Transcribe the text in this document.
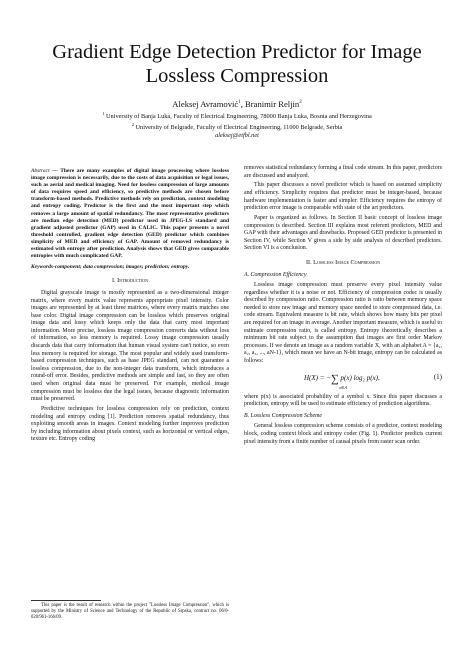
Gradient Edge Detection Predictor for Image
Lossless Compression
Aleksej Avramović$^1$, Branimir Reljin$^2$
$^1$ University of Banja Luka, Faculty of Electrical Engineering, 78000 Banja Luka, Bosnia and Herzegovina
$^2$ University of Belgrade, Faculty of Electrical Engineering, 11000 Belgrade, Serbia
aleksej@etfbl.net

Abstract — There are many examples of digital image processing where lossless image compression is necessarily, due to the costs of data acquisition or legal issues, such as aerial and medical imaging. Need for lossless compression of large amounts of data requires speed and efficiency, so predictive methods are chosen before transform-based methods. Predictive methods rely on prediction, context modeling and entropy coding. Predictor is the first and the most important step which removes a large amount of spatial redundancy. The most representative predictors are median edge detection (MED) predictor used in JPEG-LS standard and gradient adjusted predictor (GAP) used in CALIC. This paper presents a novel threshold controlled, gradient edge detection (GED) predictor which combines simplicity of MED and efficiency of GAP. Amount of removed redundancy is estimated with entropy after prediction. Analysis shows that GED gives comparable entropies with much complicated GAP.

Keywords-component; data compression; images; prediction; entropy.

I. Introduction

Digital grayscale image is mostly represented as a two-dimensional integer matrix, where every matrix value represents appropriate pixel intensity. Color images are represented by at least three matrices, where every matrix matches one base color. Digital image compression can be lossless which preserves original image data and lossy which keeps only the data that carry most important information. More precise, lossless image compression converts data without loss of information, so less memory is required. Lossy image compression usually discards data that carry information that human visual system can't notice, so even less memory is required for storage. The most popular and widely used transform-based compression techniques, such as base JPEG standard, can not guarantee a lossless compression, due to the non-integer data transform, which introduces a round-off error. Besides, predictive methods are simple and fast, so they are often used when original data must be preserved. For example, medical image compression must be lossless due the legal issues, because diagnostic information must be preserved.

Predictive techniques for lossless compression rely on prediction, context modeling and entropy coding [1]. Prediction removes spatial redundancy, thus exploiting smooth areas in images. Context modeling further improves prediction by including information about pixels context, such as horizontal or vertical edges, texture etc. Entropy coding

removes statistical redundancy forming a final code stream. In this paper, predictors are discussed and analyzed.

This paper discusses a novel predictor which is based on assumed simplicity and efficiency. Simplicity requires that predictor must be integer-based, because hardware implementation is faster and simpler. Efficiency requires the entropy of prediction error image is comparable with state of the art predictors.

Paper is organized as follows. In Section II basic concept of lossless image compression is described. Section III explains most referent predictors, MED and GAP with their advantages and drawbacks. Proposed GED predictor is presented in Section IV, while Section V gives a side by side analysis of described predictors. Section VI is a conclusion.

II. Lossless Image Compression
A. Compression Efficiency

Lossless image compression must preserve every pixel intensity value regardless whether it is a noise or not. Efficiency of compression codec is usually described by compression ratio. Compression ratio is ratio between memory space needed to store raw image and memory space needed to store compressed data, i.e. code stream. Equivalent measure is bit rate, which shows how many bits per pixel are required for an image in average. Another important measure, which is useful to estimate compression ratio, is called entropy. Entropy theoretically describes a minimum bit rate subject to the assumption that images are first order Markov processes. If we denote an image as a random variable X, with an alphabet A = {a₁, a₂, a₃, ..., aN-1}, which mean we have an N-bit image, entropy can be calculated as follows:

H(X) = −∑ p(x) log₂ p(x),
x∈A
(1)

where p(x) is associated probability of a symbol x. Since this paper discusses a prediction, entropy will be used to estimate efficiency of prediction algorithms.

B. Lossless Compression Scheme

General lossless compression scheme consists of a predictor, context modeling block, coding context block and entropy coder (Fig. 1). Predictor predicts current pixel intensity from a finite number of causal pixels from raster scan order.

This paper is the result of research within the project "Lossless Image Compression", which is supported by the Ministry of Science and Technology of the Republic of Srpska, contract no. 06/0-020/961-166/09.
